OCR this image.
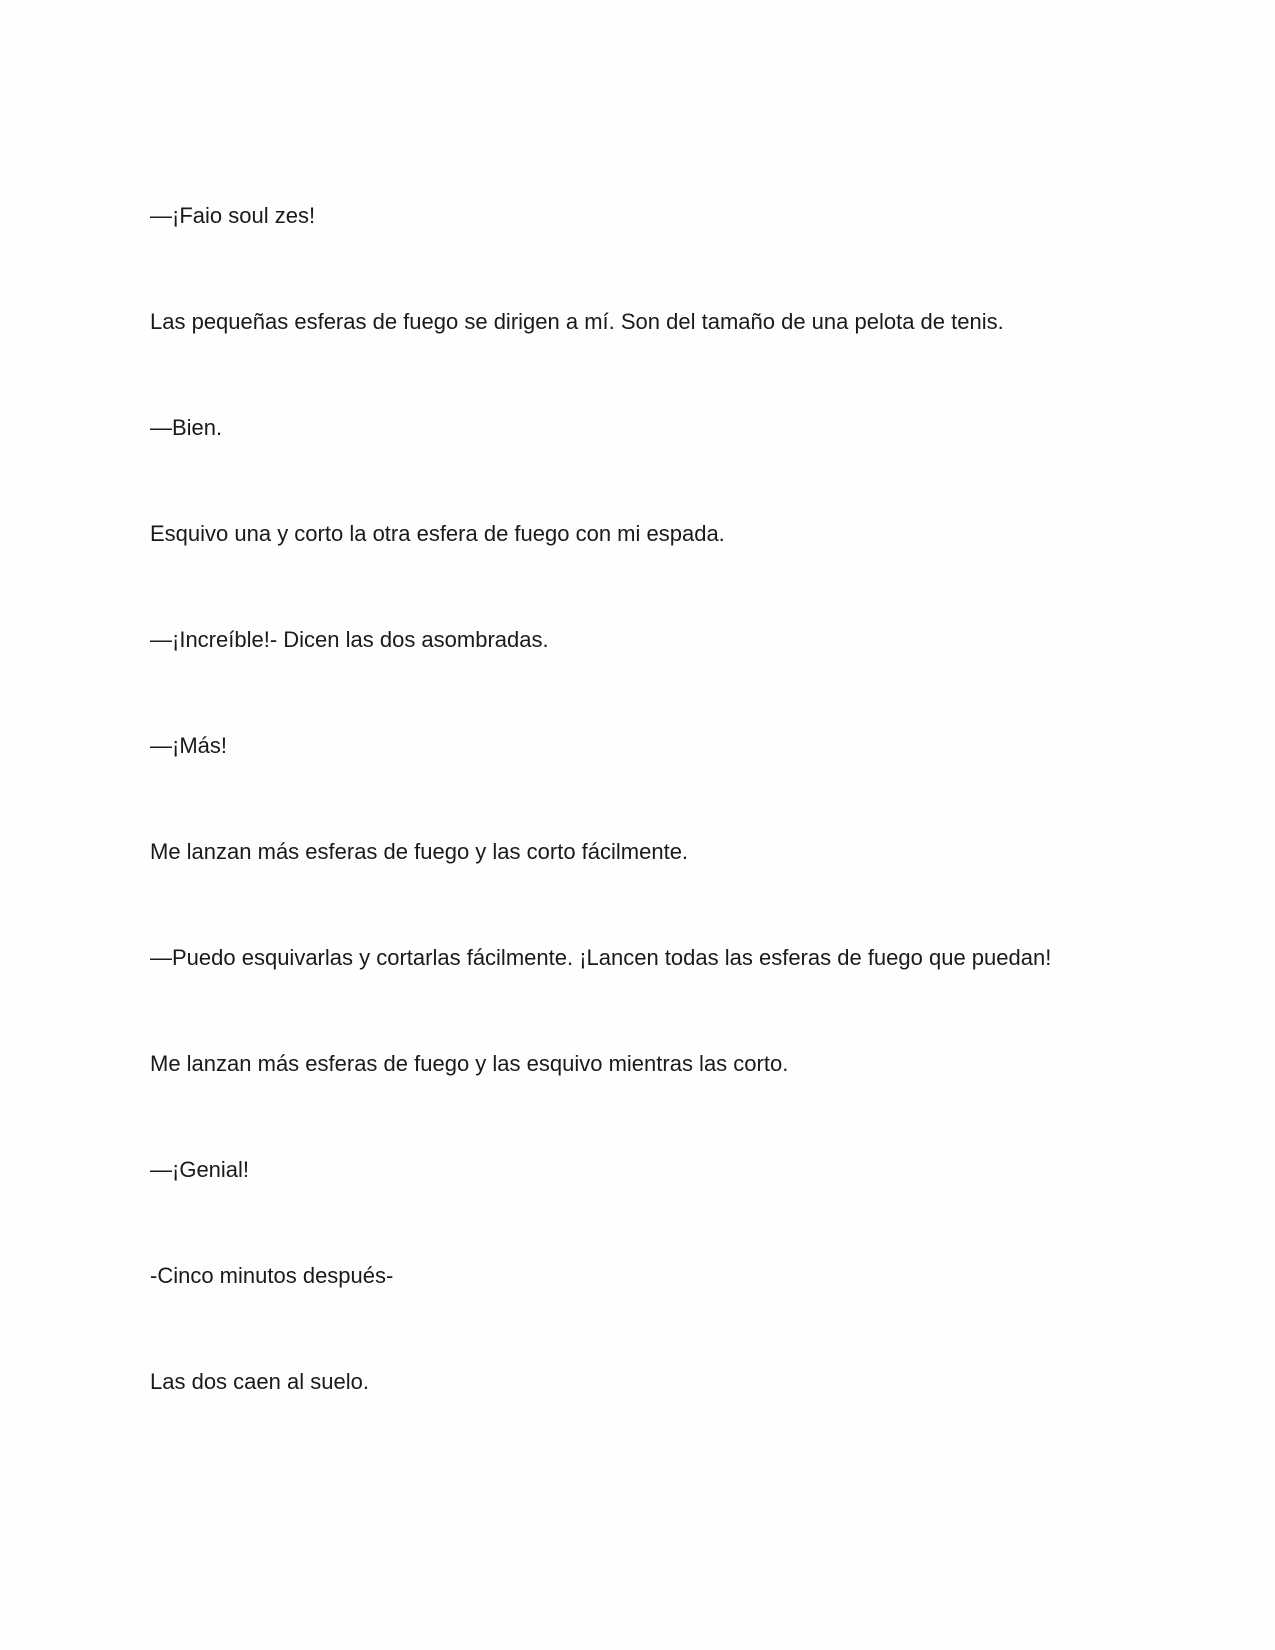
—¡Faio soul zes!

Las pequeñas esferas de fuego se dirigen a mí. Son del tamaño de una pelota de tenis.

—Bien.

Esquivo una y corto la otra esfera de fuego con mi espada.

—¡Increíble!- Dicen las dos asombradas.

—¡Más!

Me lanzan más esferas de fuego y las corto fácilmente.

—Puedo esquivarlas y cortarlas fácilmente. ¡Lancen todas las esferas de fuego que puedan!

Me lanzan más esferas de fuego y las esquivo mientras las corto.

—¡Genial!

-Cinco minutos después-

Las dos caen al suelo.
